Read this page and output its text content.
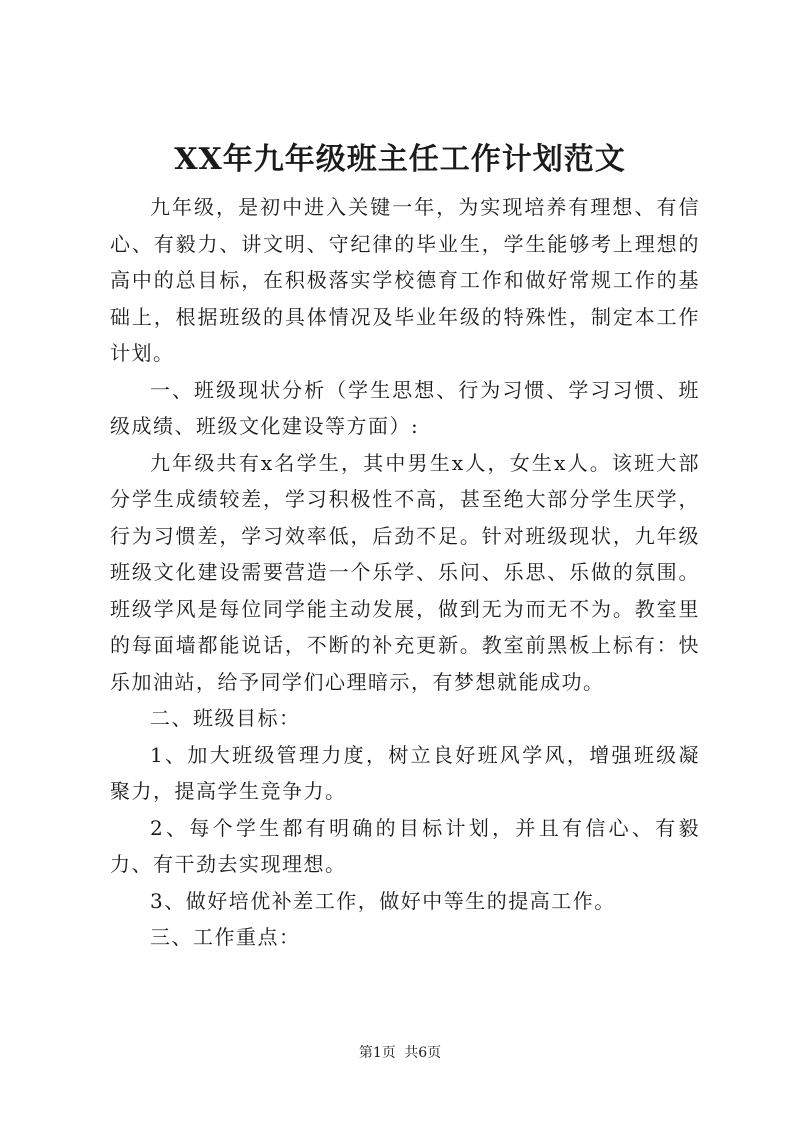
XX年九年级班主任工作计划范文

九年级，是初中进入关键一年，为实现培养有理想、有信心、有毅力、讲文明、守纪律的毕业生，学生能够考上理想的高中的总目标，在积极落实学校德育工作和做好常规工作的基础上，根据班级的具体情况及毕业年级的特殊性，制定本工作计划。

一、班级现状分析（学生思想、行为习惯、学习习惯、班级成绩、班级文化建设等方面）:

九年级共有x名学生，其中男生x人，女生x人。该班大部分学生成绩较差，学习积极性不高，甚至绝大部分学生厌学，行为习惯差，学习效率低，后劲不足。针对班级现状，九年级班级文化建设需要营造一个乐学、乐问、乐思、乐做的氛围。班级学风是每位同学能主动发展，做到无为而无不为。教室里的每面墙都能说话，不断的补充更新。教室前黑板上标有：快乐加油站，给予同学们心理暗示，有梦想就能成功。

二、班级目标：

1、加大班级管理力度，树立良好班风学风，增强班级凝聚力，提高学生竞争力。

2、每个学生都有明确的目标计划，并且有信心、有毅力、有干劲去实现理想。

3、做好培优补差工作，做好中等生的提高工作。

三、工作重点：

第1页 共6页
